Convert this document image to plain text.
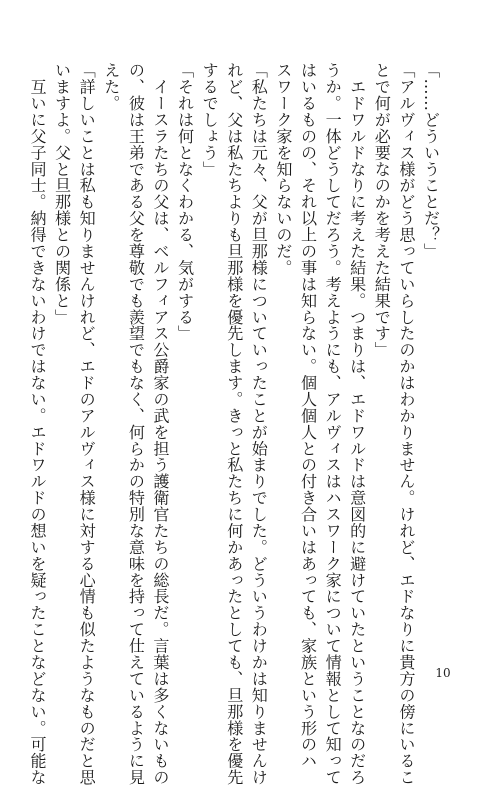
「……どういうことだ？」
「アルヴィス様がどう思っていらしたのかはわかりません。けれど、エドなりに貴方の傍にいるこ
とで何が必要なのかを考えた結果です」
　エドワルドなりに考えた結果。つまりは、エドワルドは意図的に避けていたということなのだろ
うか。一体どうしてだろう。考えようにも、アルヴィスはハスワーク家について情報として知って
はいるものの、それ以上の事は知らない。個人個人との付き合いはあっても、家族という形のハ
スワーク家を知らないのだ。
「私たちは元々、父が旦那様についていったことが始まりでした。どういうわけかは知りませんけ
れど、父は私たちよりも旦那様を優先します。きっと私たちに何かあったとしても、旦那様を優先
するでしょう」
「それは何となくわかる、気がする」
　イースラたちの父は、ベルフィアス公爵家の武を担う護衛官たちの総長だ。言葉は多くないもの
の、彼は王弟である父を尊敬でも羨望でもなく、何らかの特別な意味を持って仕えているように見
えた。
「詳しいことは私も知りませんけれど、エドのアルヴィス様に対する心情も似たようなものだと思
いますよ。父と旦那様との関係と」
　互いに父子同士。納得できないわけではない。エドワルドの想いを疑ったことなどない。可能な	10
